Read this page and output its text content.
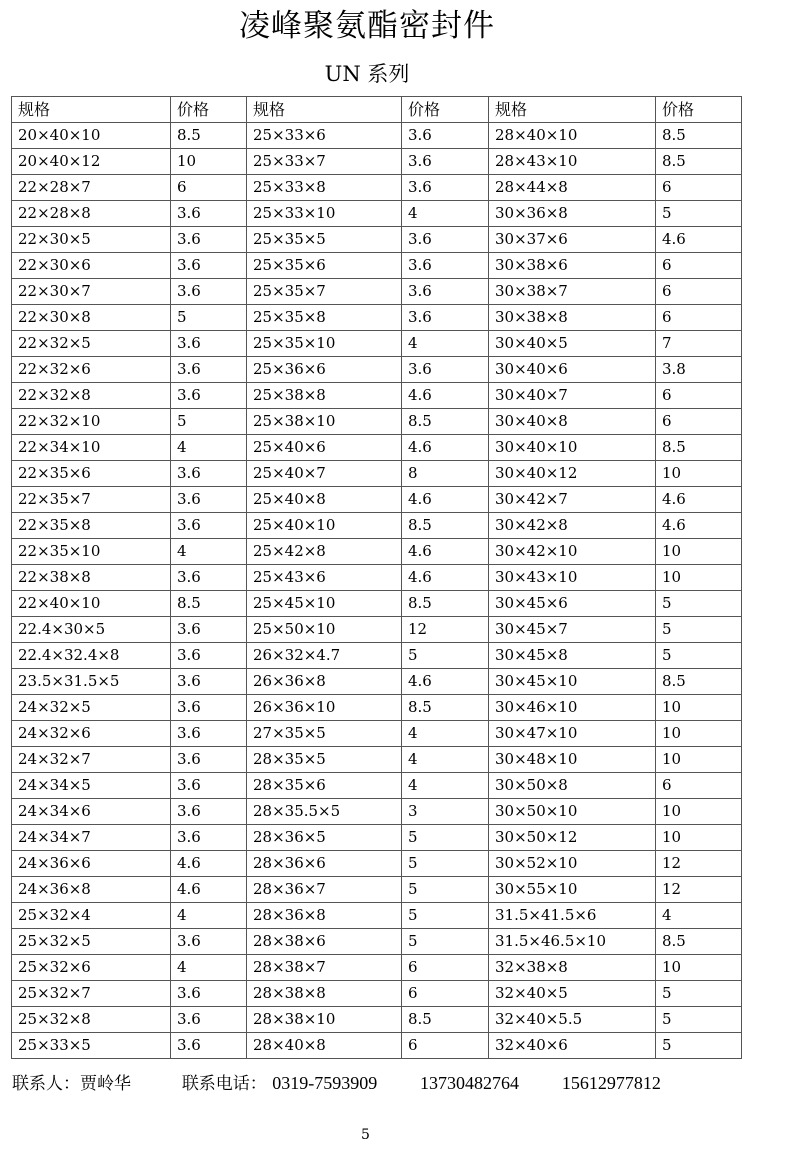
凌峰聚氨酯密封件
UN 系列
规格	价格	规格	价格	规格	价格
20×40×10	8.5	25×33×6	3.6	28×40×10	8.5
20×40×12	10	25×33×7	3.6	28×43×10	8.5
22×28×7	6	25×33×8	3.6	28×44×8	6
22×28×8	3.6	25×33×10	4	30×36×8	5
22×30×5	3.6	25×35×5	3.6	30×37×6	4.6
22×30×6	3.6	25×35×6	3.6	30×38×6	6
22×30×7	3.6	25×35×7	3.6	30×38×7	6
22×30×8	5	25×35×8	3.6	30×38×8	6
22×32×5	3.6	25×35×10	4	30×40×5	7
22×32×6	3.6	25×36×6	3.6	30×40×6	3.8
22×32×8	3.6	25×38×8	4.6	30×40×7	6
22×32×10	5	25×38×10	8.5	30×40×8	6
22×34×10	4	25×40×6	4.6	30×40×10	8.5
22×35×6	3.6	25×40×7	8	30×40×12	10
22×35×7	3.6	25×40×8	4.6	30×42×7	4.6
22×35×8	3.6	25×40×10	8.5	30×42×8	4.6
22×35×10	4	25×42×8	4.6	30×42×10	10
22×38×8	3.6	25×43×6	4.6	30×43×10	10
22×40×10	8.5	25×45×10	8.5	30×45×6	5
22.4×30×5	3.6	25×50×10	12	30×45×7	5
22.4×32.4×8	3.6	26×32×4.7	5	30×45×8	5
23.5×31.5×5	3.6	26×36×8	4.6	30×45×10	8.5
24×32×5	3.6	26×36×10	8.5	30×46×10	10
24×32×6	3.6	27×35×5	4	30×47×10	10
24×32×7	3.6	28×35×5	4	30×48×10	10
24×34×5	3.6	28×35×6	4	30×50×8	6
24×34×6	3.6	28×35.5×5	3	30×50×10	10
24×34×7	3.6	28×36×5	5	30×50×12	10
24×36×6	4.6	28×36×6	5	30×52×10	12
24×36×8	4.6	28×36×7	5	30×55×10	12
25×32×4	4	28×36×8	5	31.5×41.5×6	4
25×32×5	3.6	28×38×6	5	31.5×46.5×10	8.5
25×32×6	4	28×38×7	6	32×38×8	10
25×32×7	3.6	28×38×8	6	32×40×5	5
25×32×8	3.6	28×38×10	8.5	32×40×5.5	5
25×33×5	3.6	28×40×8	6	32×40×6	5
联系人：贾岭华	联系电话： 0319-7593909 13730482764 15612977812
5
